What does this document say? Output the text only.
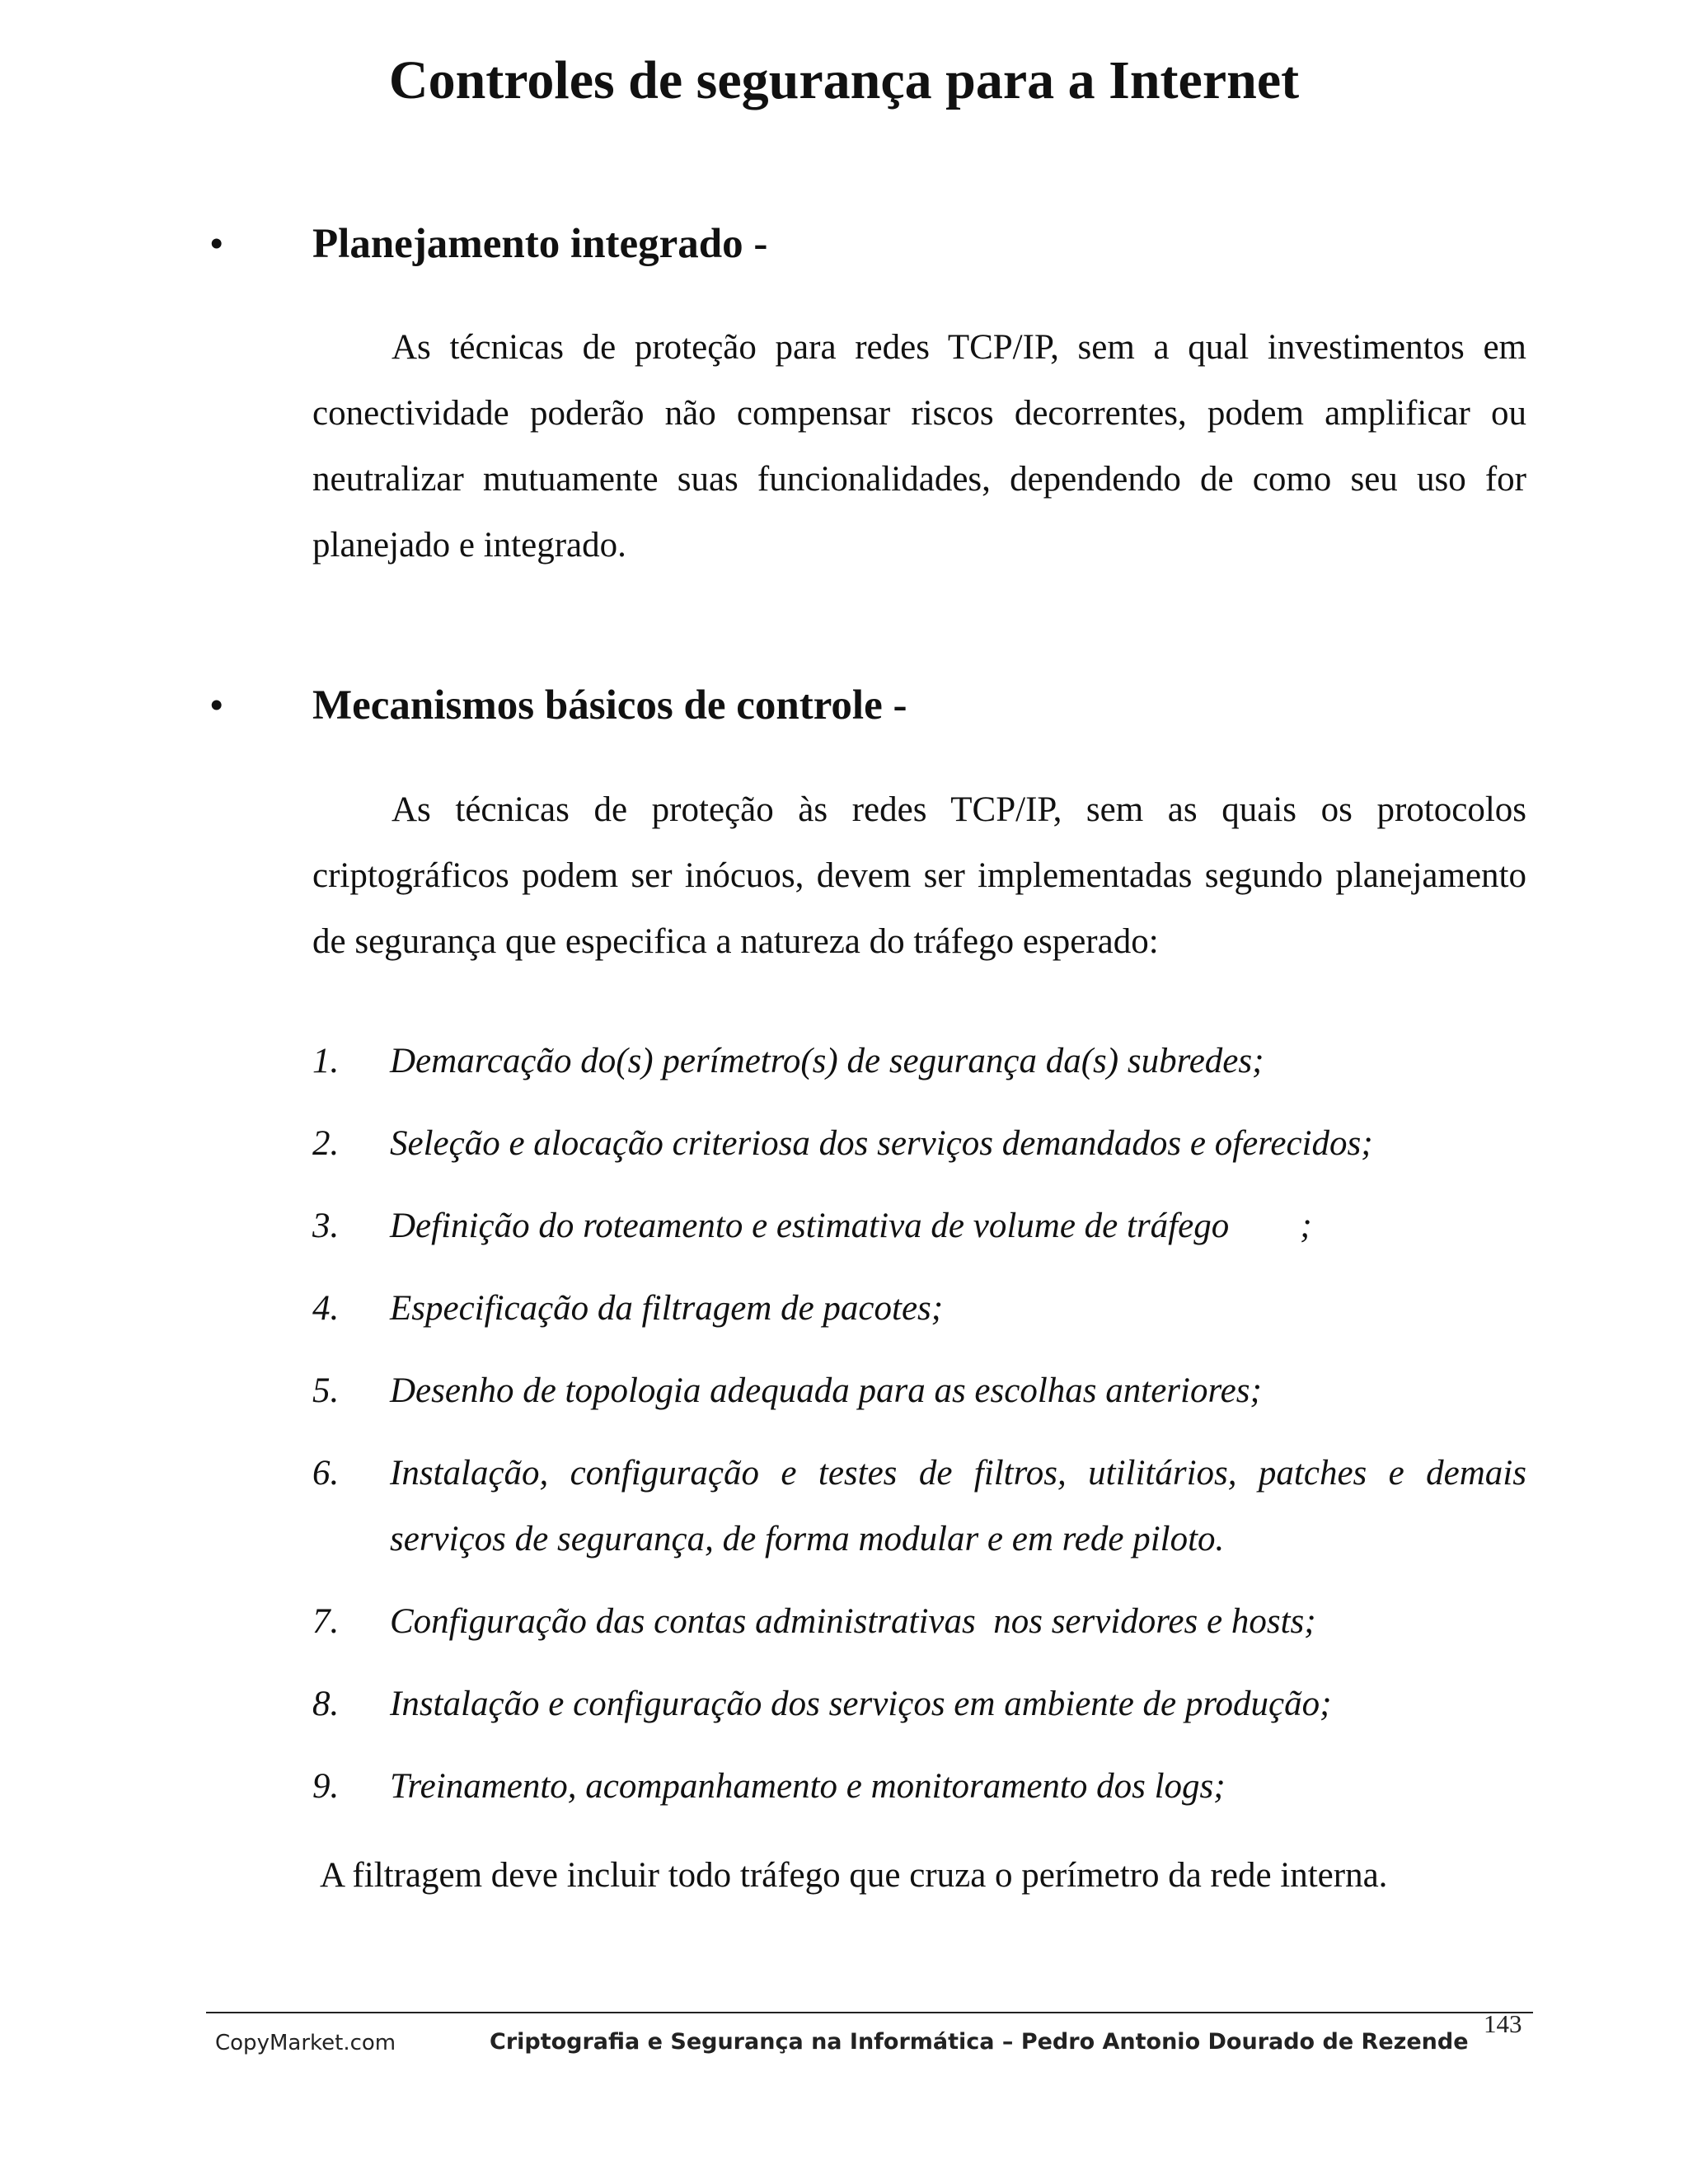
Controles de segurança para a Internet
• Planejamento integrado -

As técnicas de proteção para redes TCP/IP, sem a qual investimentos em conectividade poderão não compensar riscos decorrentes, podem amplificar ou neutralizar mutuamente suas funcionalidades, dependendo de como seu uso for planejado e integrado.

• Mecanismos básicos de controle -

As técnicas de proteção às redes TCP/IP, sem as quais os protocolos criptográficos podem ser inócuos, devem ser implementadas segundo planejamento de segurança que especifica a natureza do tráfego esperado:

1. Demarcação do(s) perímetro(s) de segurança da(s) subredes;
2. Seleção e alocação criteriosa dos serviços demandados e oferecidos;
3. Definição do roteamento e estimativa de volume de tráfego        ;
4. Especificação da filtragem de pacotes;
5. Desenho de topologia adequada para as escolhas anteriores;
6. Instalação, configuração e testes de filtros, utilitários, patches e demais serviços de segurança, de forma modular e em rede piloto.
7. Configuração das contas administrativas  nos servidores e hosts;
8. Instalação e configuração dos serviços em ambiente de produção;
9. Treinamento, acompanhamento e monitoramento dos logs;

A filtragem deve incluir todo tráfego que cruza o perímetro da rede interna.

143
CopyMarket.com	Criptografia e Segurança na Informática – Pedro Antonio Dourado de Rezende
